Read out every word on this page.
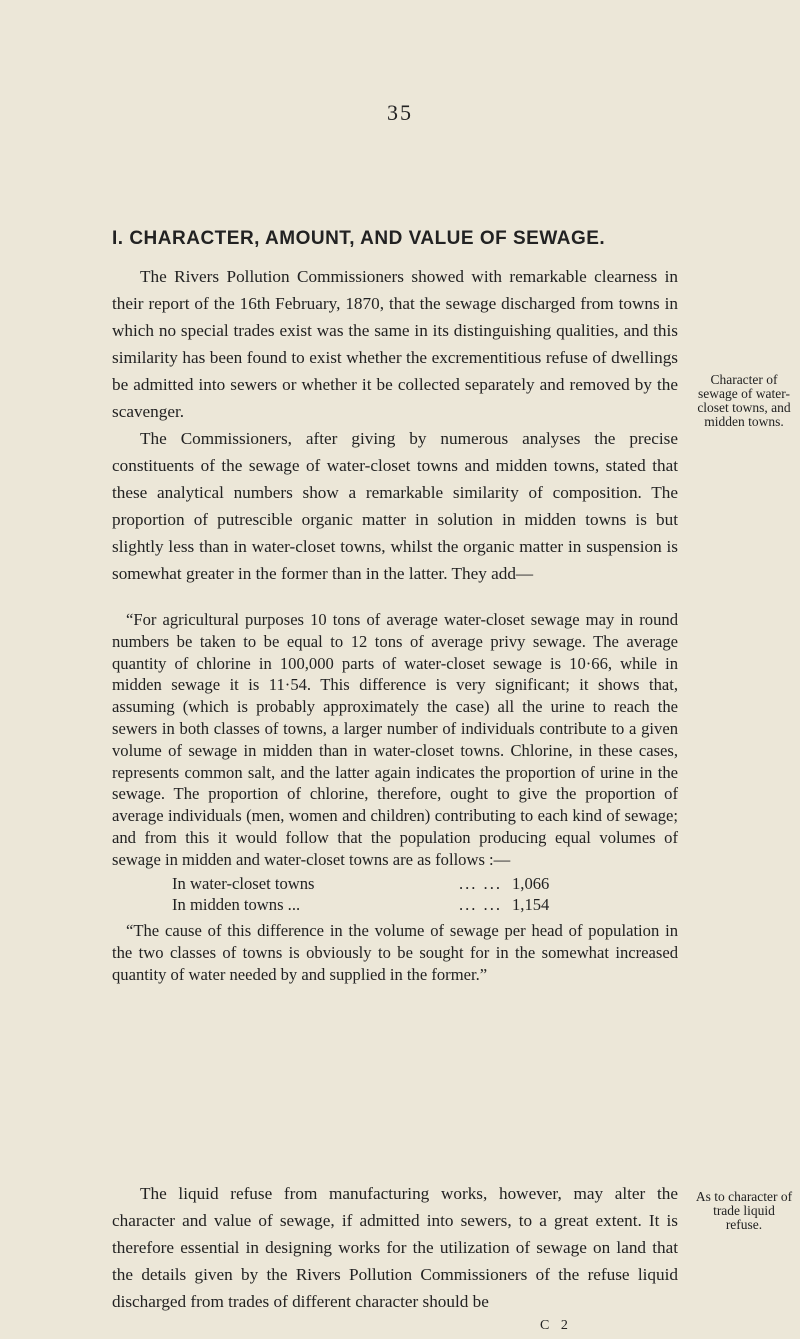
35
I. CHARACTER, AMOUNT, AND VALUE OF SEWAGE.

The Rivers Pollution Commissioners showed with remarkable clearness in their report of the 16th February, 1870, that the sewage discharged from towns in which no special trades exist was the same in its distinguishing qualities, and this similarity has been found to exist whether the excrementitious refuse of dwellings be admitted into sewers or whether it be collected separately and removed by the scavenger.

The Commissioners, after giving by numerous analyses the precise constituents of the sewage of water-closet towns and midden towns, stated that these analytical numbers show a remarkable similarity of composition. The proportion of putrescible organic matter in solution in midden towns is but slightly less than in water-closet towns, whilst the organic matter in suspension is somewhat greater in the former than in the latter. They add—

Character of sewage of water-closet towns, and midden towns.

“For agricultural purposes 10 tons of average water-closet sewage may in round numbers be taken to be equal to 12 tons of average privy sewage. The average quantity of chlorine in 100,000 parts of water-closet sewage is 10·66, while in midden sewage it is 11·54. This difference is very significant; it shows that, assuming (which is probably approximately the case) all the urine to reach the sewers in both classes of towns, a larger number of individuals contribute to a given volume of sewage in midden than in water-closet towns. Chlorine, in these cases, represents common salt, and the latter again indicates the proportion of urine in the sewage. The proportion of chlorine, therefore, ought to give the proportion of average individuals (men, women and children) contributing to each kind of sewage; and from this it would follow that the population producing equal volumes of sewage in midden and water-closet towns are as follows :—

In water-closet towns	... ... 1,066
In midden towns ...	... ... 1,154

“The cause of this difference in the volume of sewage per head of population in the two classes of towns is obviously to be sought for in the somewhat increased quantity of water needed by and supplied in the former.”

The liquid refuse from manufacturing works, however, may alter the character and value of sewage, if admitted into sewers, to a great extent. It is therefore essential in designing works for the utilization of sewage on land that the details given by the Rivers Pollution Commissioners of the refuse liquid discharged from trades of different character should be

As to character of trade liquid refuse.
C 2
